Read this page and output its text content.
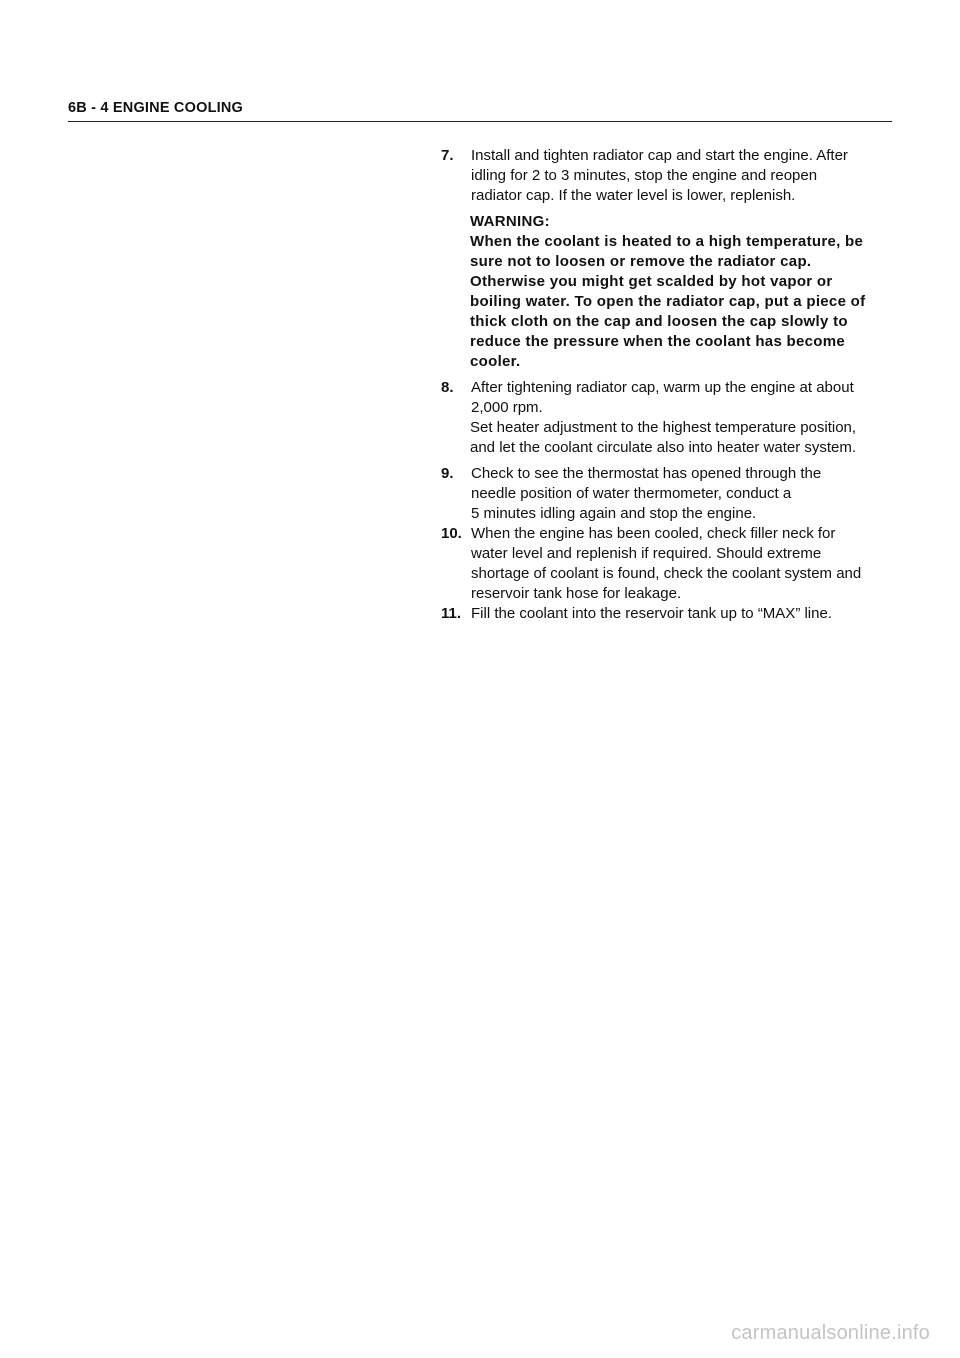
6B - 4 ENGINE COOLING
7.	Install and tighten radiator cap and start the engine. After
idling for 2 to 3 minutes, stop the engine and reopen
radiator cap. If the water level is lower, replenish.
WARNING:
When the coolant is heated to a high temperature, be
sure not to loosen or remove the radiator cap.
Otherwise you might get scalded by hot vapor or
boiling water. To open the radiator cap, put a piece of
thick cloth on the cap and loosen the cap slowly to
reduce the pressure when the coolant has become
cooler.
8.	After tightening radiator cap, warm up the engine at about
2,000 rpm.
Set heater adjustment to the highest temperature position,
and let the coolant circulate also into heater water system.
9.	Check to see the thermostat has opened through the
needle position of water thermometer, conduct a
5 minutes idling again and stop the engine.
10. When the engine has been cooled, check filler neck for
water level and replenish if required. Should extreme
shortage of coolant is found, check the coolant system and
reservoir tank hose for leakage.
11. Fill the coolant into the reservoir tank up to “MAX” line.
carmanualsonline.info
